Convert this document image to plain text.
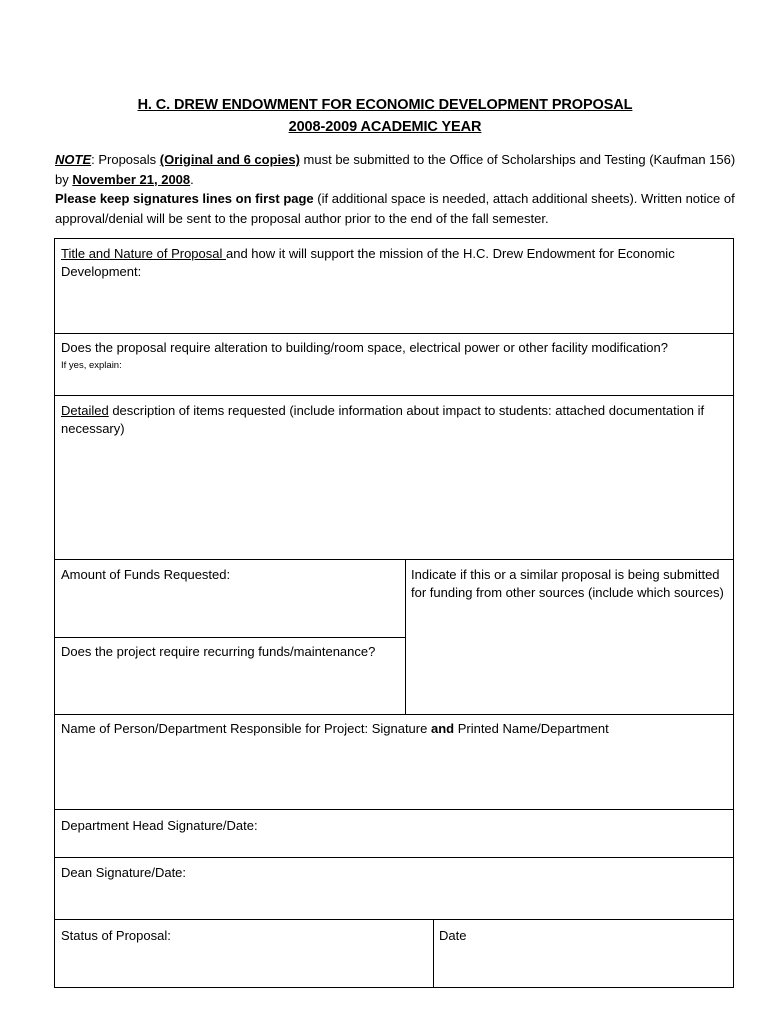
H. C. DREW ENDOWMENT FOR ECONOMIC DEVELOPMENT PROPOSAL
2008-2009 ACADEMIC YEAR
NOTE: Proposals (Original and 6 copies) must be submitted to the Office of Scholarships and Testing (Kaufman 156) by November 21, 2008.
Please keep signatures lines on first page (if additional space is needed, attach additional sheets). Written notice of approval/denial will be sent to the proposal author prior to the end of the fall semester.
Title and Nature of Proposal and how it will support the mission of the H.C. Drew Endowment for Economic Development:
Does the proposal require alteration to building/room space, electrical power or other facility modification?
If yes, explain:
Detailed description of items requested (include information about impact to students: attached documentation if necessary)
Amount of Funds Requested:	Indicate if this or a similar proposal is being submitted for funding from other sources (include which sources)
Does the project require recurring funds/maintenance?
Name of Person/Department Responsible for Project: Signature and Printed Name/Department
Department Head Signature/Date:
Dean Signature/Date:
Status of Proposal:	Date
